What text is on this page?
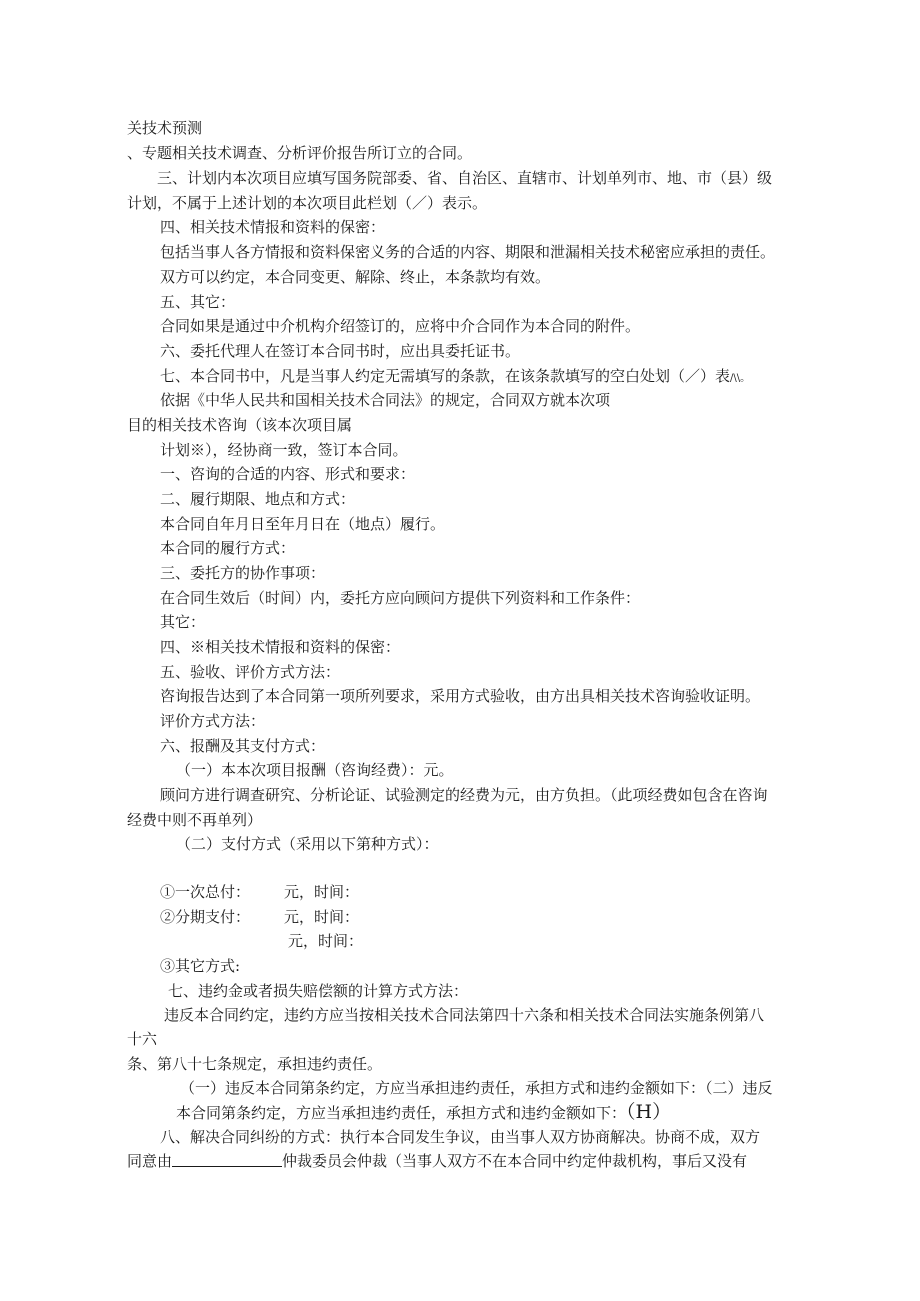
关技术预测
、专题相关技术调查、分析评价报告所订立的合同。
三、计划内本次项目应填写国务院部委、省、自治区、直辖市、计划单列市、地、市（县）级
计划，不属于上述计划的本次项目此栏划（／）表示。
四、相关技术情报和资料的保密：
包括当事人各方情报和资料保密义务的合适的内容、期限和泄漏相关技术秘密应承担的责任。
双方可以约定，本合同变更、解除、终止，本条款均有效。
五、其它：
合同如果是通过中介机构介绍签订的，应将中介合同作为本合同的附件。
六、委托代理人在签订本合同书时，应出具委托证书。
七、本合同书中，凡是当事人约定无需填写的条款，在该条款填写的空白处划（／）表/\\。
依据《中华人民共和国相关技术合同法》的规定，合同双方就本次项
目的相关技术咨询（该本次项目属
计划※），经协商一致，签订本合同。
一、咨询的合适的内容、形式和要求：
二、履行期限、地点和方式：
本合同自年月日至年月日在（地点）履行。
本合同的履行方式：
三、委托方的协作事项：
在合同生效后（时间）内，委托方应向顾问方提供下列资料和工作条件：
其它：
四、※相关技术情报和资料的保密：
五、验收、评价方式方法：
咨询报告达到了本合同第一项所列要求，采用方式验收，由方出具相关技术咨询验收证明。
评价方式方法：
六、报酬及其支付方式：
（一）本本次项目报酬（咨询经费）：元。
顾问方进行调查研究、分析论证、试验测定的经费为元，由方负担。（此项经费如包含在咨询
经费中则不再单列）
（二）支付方式（采用以下第种方式）：
①一次总付： 元，时间：
②分期支付： 元，时间：
元，时间：
③其它方式:
七、违约金或者损失赔偿额的计算方式方法：
违反本合同约定，违约方应当按相关技术合同法第四十六条和相关技术合同法实施条例第八
十六
条、第八十七条规定，承担违约责任。
（一）违反本合同第条约定，方应当承担违约责任，承担方式和违约金额如下：（二）违反
本合同第条约定，方应当承担违约责任，承担方式和违约金额如下：（H）
八、解决合同纠纷的方式：执行本合同发生争议，由当事人双方协商解决。协商不成，双方
同意由	仲裁委员会仲裁（当事人双方不在本合同中约定仲裁机构，事后又没有
